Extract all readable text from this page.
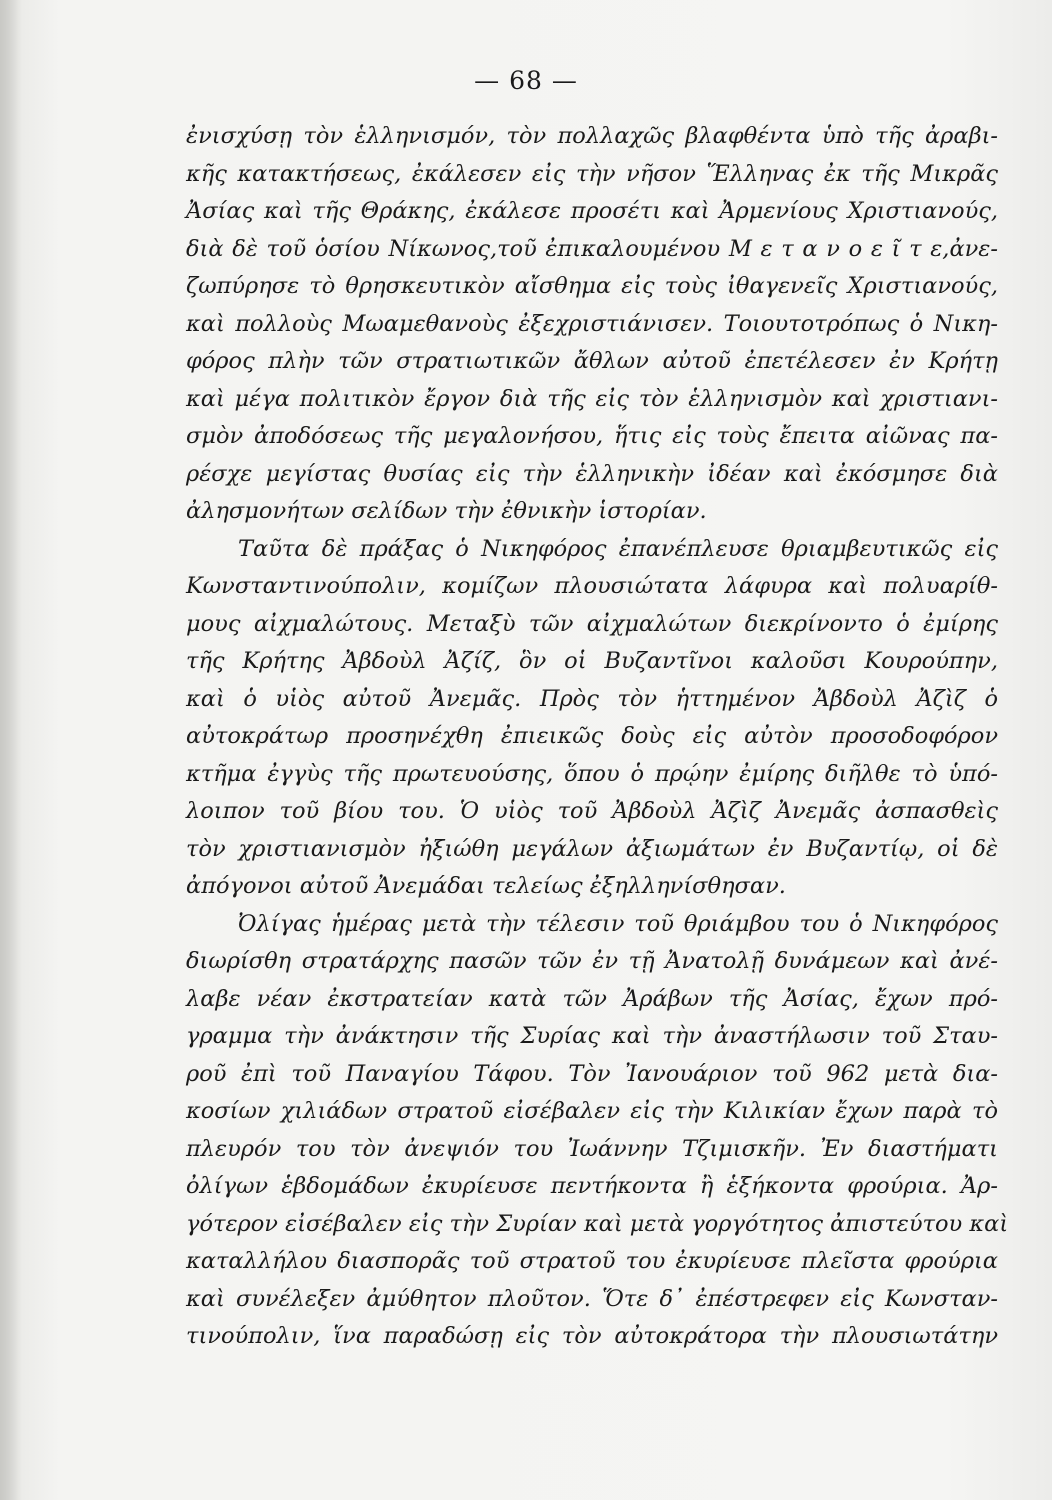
— 68 —
ἐνισχύσῃ τὸν ἑλληνισμόν, τὸν πολλαχῶς βλαφθέντα ὑπὸ τῆς ἀραβι-
κῆς κατακτήσεως, ἐκάλεσεν εἰς τὴν νῆσον Ἕλληνας ἐκ τῆς Μικρᾶς
Ἀσίας καὶ τῆς Θράκης, ἐκάλεσε προσέτι καὶ Ἀρμενίους Χριστιανούς,
διὰ δὲ τοῦ ὁσίου Νίκωνος,τοῦ ἐπικαλουμένου Μ ε τ α ν ο ε ῖ τ ε,ἀνε-
ζωπύρησε τὸ θρησκευτικὸν αἴσθημα εἰς τοὺς ἰθαγενεῖς Χριστιανούς,
καὶ πολλοὺς Μωαμεθανοὺς ἐξεχριστιάνισεν. Τοιουτοτρόπως ὁ Νικη-
φόρος πλὴν τῶν στρατιωτικῶν ἄθλων αὐτοῦ ἐπετέλεσεν ἐν Κρήτῃ
καὶ μέγα πολιτικὸν ἔργον διὰ τῆς εἰς τὸν ἑλληνισμὸν καὶ χριστιανι-
σμὸν ἀποδόσεως τῆς μεγαλονήσου, ἥτις εἰς τοὺς ἔπειτα αἰῶνας πα-
ρέσχε μεγίστας θυσίας εἰς τὴν ἑλληνικὴν ἰδέαν καὶ ἐκόσμησε διὰ
ἀλησμονήτων σελίδων τὴν ἐθνικὴν ἱστορίαν.
Ταῦτα δὲ πράξας ὁ Νικηφόρος ἐπανέπλευσε θριαμβευτικῶς εἰς
Κωνσταντινούπολιν, κομίζων πλουσιώτατα λάφυρα καὶ πολυαρίθ-
μους αἰχμαλώτους. Μεταξὺ τῶν αἰχμαλώτων διεκρίνοντο ὁ ἐμίρης
τῆς Κρήτης Ἀβδοὺλ Ἀζίζ, ὃν οἱ Βυζαντῖνοι καλοῦσι Κουρούπην,
καὶ ὁ υἱὸς αὐτοῦ Ἀνεμᾶς. Πρὸς τὸν ἡττημένον Ἀβδοὺλ Ἀζὶζ ὁ
αὐτοκράτωρ προσηνέχθη ἐπιεικῶς δοὺς εἰς αὐτὸν προσοδοφόρον
κτῆμα ἐγγὺς τῆς πρωτευούσης, ὅπου ὁ πρῴην ἐμίρης διῆλθε τὸ ὑπό-
λοιπον τοῦ βίου του. Ὁ υἱὸς τοῦ Ἀβδοὺλ Ἀζὶζ Ἀνεμᾶς ἀσπασθεὶς
τὸν χριστιανισμὸν ἠξιώθη μεγάλων ἀξιωμάτων ἐν Βυζαντίῳ, οἱ δὲ
ἀπόγονοι αὐτοῦ Ἀνεμάδαι τελείως ἐξηλληνίσθησαν.
Ὀλίγας ἡμέρας μετὰ τὴν τέλεσιν τοῦ θριάμβου του ὁ Νικηφόρος
διωρίσθη στρατάρχης πασῶν τῶν ἐν τῇ Ἀνατολῇ δυνάμεων καὶ ἀνέ-
λαβε νέαν ἐκστρατείαν κατὰ τῶν Ἀράβων τῆς Ἀσίας, ἔχων πρό-
γραμμα τὴν ἀνάκτησιν τῆς Συρίας καὶ τὴν ἀναστήλωσιν τοῦ Σταυ-
ροῦ ἐπὶ τοῦ Παναγίου Τάφου. Τὸν Ἰανουάριον τοῦ 962 μετὰ δια-
κοσίων χιλιάδων στρατοῦ εἰσέβαλεν εἰς τὴν Κιλικίαν ἔχων παρὰ τὸ
πλευρόν του τὸν ἀνεψιόν του Ἰωάννην Τζιμισκῆν. Ἐν διαστήματι
ὀλίγων ἑβδομάδων ἐκυρίευσε πεντήκοντα ἢ ἑξήκοντα φρούρια. Ἀρ-
γότερον εἰσέβαλεν εἰς τὴν Συρίαν καὶ μετὰ γοργότητος ἀπιστεύτου καὶ
καταλλήλου διασπορᾶς τοῦ στρατοῦ του ἐκυρίευσε πλεῖστα φρούρια
καὶ συνέλεξεν ἀμύθητον πλοῦτον. Ὅτε δ᾽ ἐπέστρεφεν εἰς Κωνσταν-
τινούπολιν, ἵνα παραδώσῃ εἰς τὸν αὐτοκράτορα τὴν πλουσιωτάτην
